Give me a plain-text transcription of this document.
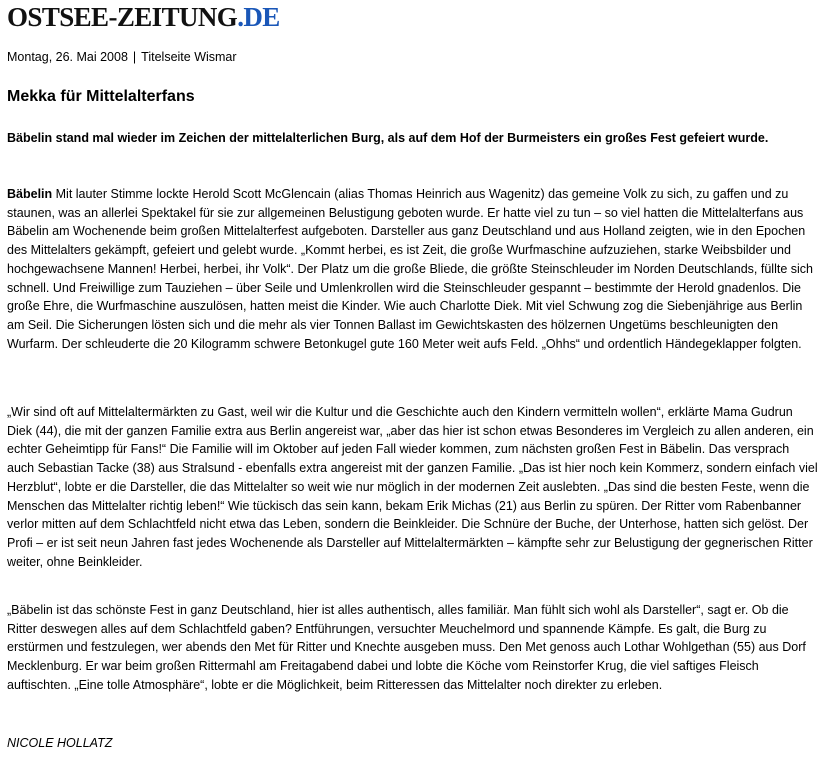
OSTSEE-ZEITUNG.DE
Montag, 26. Mai 2008 | Titelseite Wismar
Mekka für Mittelalterfans

Bäbelin stand mal wieder im Zeichen der mittelalterlichen Burg, als auf dem Hof der Burmeisters ein großes Fest gefeiert wurde.

Bäbelin Mit lauter Stimme lockte Herold Scott McGlencain (alias Thomas Heinrich aus Wagenitz) das gemeine Volk zu sich, zu gaffen und zu staunen, was an allerlei Spektakel für sie zur allgemeinen Belustigung geboten wurde. Er hatte viel zu tun – so viel hatten die Mittelalterfans aus Bäbelin am Wochenende beim großen Mittelalterfest aufgeboten. Darsteller aus ganz Deutschland und aus Holland zeigten, wie in den Epochen des Mittelalters gekämpft, gefeiert und gelebt wurde. „Kommt herbei, es ist Zeit, die große Wurfmaschine aufzuziehen, starke Weibsbilder und hochgewachsene Mannen! Herbei, herbei, ihr Volk“. Der Platz um die große Bliede, die größte Steinschleuder im Norden Deutschlands, füllte sich schnell. Und Freiwillige zum Tauziehen – über Seile und Umlenkrollen wird die Steinschleuder gespannt – bestimmte der Herold gnadenlos. Die große Ehre, die Wurfmaschine auszulösen, hatten meist die Kinder. Wie auch Charlotte Diek. Mit viel Schwung zog die Siebenjährige aus Berlin am Seil. Die Sicherungen lösten sich und die mehr als vier Tonnen Ballast im Gewichtskasten des hölzernen Ungetüms beschleunigten den Wurfarm. Der schleuderte die 20 Kilogramm schwere Betonkugel gute 160 Meter weit aufs Feld. „Ohhs“ und ordentlich Händegeklapper folgten.

„Wir sind oft auf Mittelaltermärkten zu Gast, weil wir die Kultur und die Geschichte auch den Kindern vermitteln wollen“, erklärte Mama Gudrun Diek (44), die mit der ganzen Familie extra aus Berlin angereist war, „aber das hier ist schon etwas Besonderes im Vergleich zu allen anderen, ein echter Geheimtipp für Fans!“ Die Familie will im Oktober auf jeden Fall wieder kommen, zum nächsten großen Fest in Bäbelin. Das versprach auch Sebastian Tacke (38) aus Stralsund - ebenfalls extra angereist mit der ganzen Familie. „Das ist hier noch kein Kommerz, sondern einfach viel Herzblut“, lobte er die Darsteller, die das Mittelalter so weit wie nur möglich in der modernen Zeit auslebten. „Das sind die besten Feste, wenn die Menschen das Mittelalter richtig leben!“ Wie tückisch das sein kann, bekam Erik Michas (21) aus Berlin zu spüren. Der Ritter vom Rabenbanner verlor mitten auf dem Schlachtfeld nicht etwa das Leben, sondern die Beinkleider. Die Schnüre der Buche, der Unterhose, hatten sich gelöst. Der Profi – er ist seit neun Jahren fast jedes Wochenende als Darsteller auf Mittelaltermärkten – kämpfte sehr zur Belustigung der gegnerischen Ritter weiter, ohne Beinkleider.

„Bäbelin ist das schönste Fest in ganz Deutschland, hier ist alles authentisch, alles familiär. Man fühlt sich wohl als Darsteller“, sagt er. Ob die Ritter deswegen alles auf dem Schlachtfeld gaben? Entführungen, versuchter Meuchelmord und spannende Kämpfe. Es galt, die Burg zu erstürmen und festzulegen, wer abends den Met für Ritter und Knechte ausgeben muss. Den Met genoss auch Lothar Wohlgethan (55) aus Dorf Mecklenburg. Er war beim großen Rittermahl am Freitagabend dabei und lobte die Köche vom Reinstorfer Krug, die viel saftiges Fleisch auftischten. „Eine tolle Atmosphäre“, lobte er die Möglichkeit, beim Ritteressen das Mittelalter noch direkter zu erleben.

NICOLE HOLLATZ
